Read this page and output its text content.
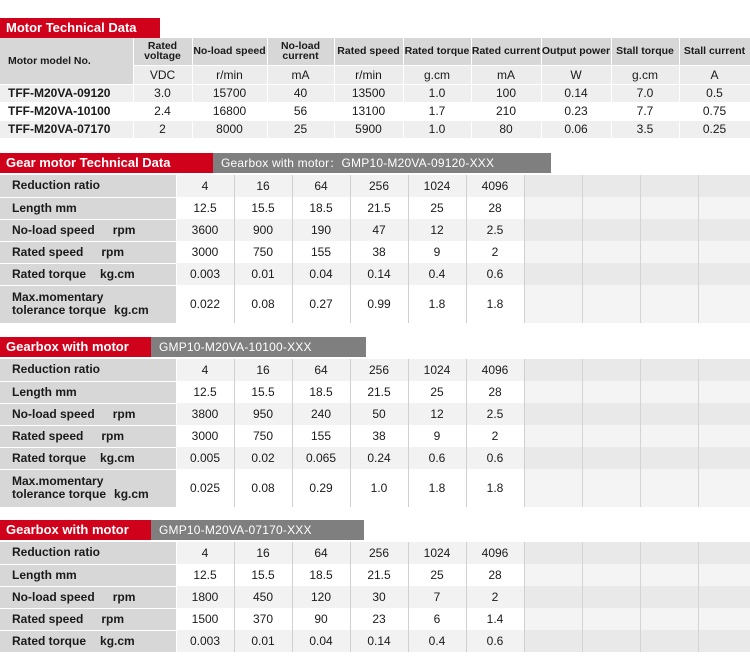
Motor Technical Data
Motor model No.	Rated voltage	No-load speed	No-load current	Rated speed	Rated torque	Rated current	Output power	Stall torque	Stall current
	VDC	r/min	mA	r/min	g.cm	mA	W	g.cm	A
TFF-M20VA-09120	3.0	15700	40	13500	1.0	100	0.14	7.0	0.5
TFF-M20VA-10100	2.4	16800	56	13100	1.7	210	0.23	7.7	0.75
TFF-M20VA-07170	2	8000	25	5900	1.0	80	0.06	3.5	0.25
Gear motor Technical Data	Gearbox with motor：GMP10-M20VA-09120-XXX
Reduction ratio	4	16	64	256	1024	4096				
Length mm	12.5	15.5	18.5	21.5	25	28				
No-load speed rpm	3600	900	190	47	12	2.5				
Rated speed rpm	3000	750	155	38	9	2				
Rated torque kg.cm	0.003	0.01	0.04	0.14	0.4	0.6				
Max.momentary
tolerance torque kg.cm	0.022	0.08	0.27	0.99	1.8	1.8				
Gearbox with motor	GMP10-M20VA-10100-XXX
Reduction ratio	4	16	64	256	1024	4096				
Length mm	12.5	15.5	18.5	21.5	25	28				
No-load speed rpm	3800	950	240	50	12	2.5				
Rated speed rpm	3000	750	155	38	9	2				
Rated torque kg.cm	0.005	0.02	0.065	0.24	0.6	0.6				
Max.momentary
tolerance torque kg.cm	0.025	0.08	0.29	1.0	1.8	1.8				
Gearbox with motor	GMP10-M20VA-07170-XXX
Reduction ratio	4	16	64	256	1024	4096				
Length mm	12.5	15.5	18.5	21.5	25	28				
No-load speed rpm	1800	450	120	30	7	2				
Rated speed rpm	1500	370	90	23	6	1.4				
Rated torque kg.cm	0.003	0.01	0.04	0.14	0.4	0.6				
